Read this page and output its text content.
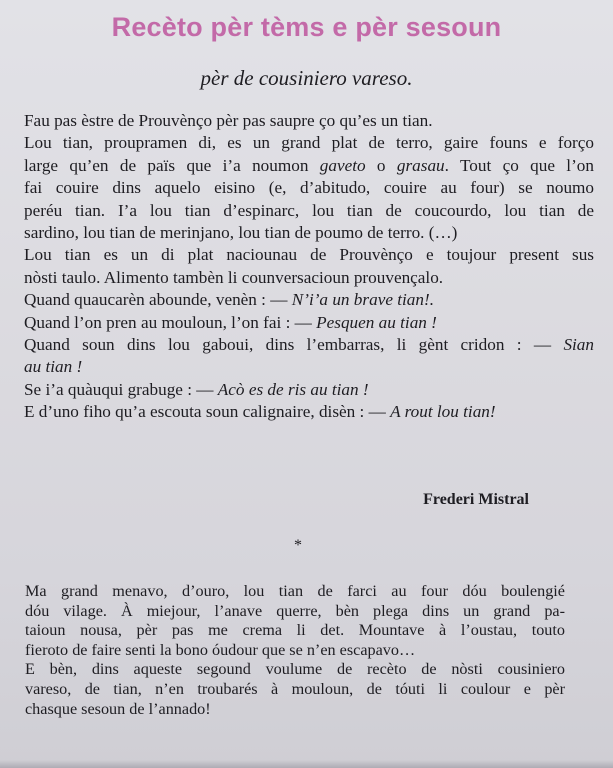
Recèto pèr tèms e pèr sesoun

pèr de cousiniero vareso.

Fau pas èstre de Prouvènço pèr pas saupre ço qu’es un tian.
Lou tian, proupramen di, es un grand plat de terro, gaire founs e forço
large qu’en de païs que i’a noumon gaveto o grasau. Tout ço que l’on
fai couire dins aquelo eisino (e, d’abitudo, couire au four) se noumo
peréu tian. I’a lou tian d’espinarc, lou tian de coucourdo, lou tian de
sardino, lou tian de merinjano, lou tian de poumo de terro. (…)
Lou tian es un di plat naciounau de Prouvènço e toujour present sus
nòsti taulo. Alimento tambèn li counversacioun prouvençalo.
Quand quaucarèn abounde, venèn : — N’i’a un brave tian!.
Quand l’on pren au mouloun, l’on fai : — Pesquen au tian !
Quand soun dins lou gaboui, dins l’embarras, li gènt cridon : — Sian
au tian !
Se i’a quàuqui grabuge : — Acò es de ris au tian !
E d’uno fiho qu’a escouta soun calignaire, disèn : — A rout lou tian!

Frederi Mistral

*

Ma grand menavo, d’ouro, lou tian de farci au four dóu boulengié
dóu vilage. À miejour, l’anave querre, bèn plega dins un grand pa-
taioun nousa, pèr pas me crema li det. Mountave à l’oustau, touto
fieroto de faire senti la bono óudour que se n’en escapavo…
E bèn, dins aqueste segound voulume de recèto de nòsti cousiniero
vareso, de tian, n’en troubarés à mouloun, de tóuti li coulour e pèr
chasque sesoun de l’annado!
